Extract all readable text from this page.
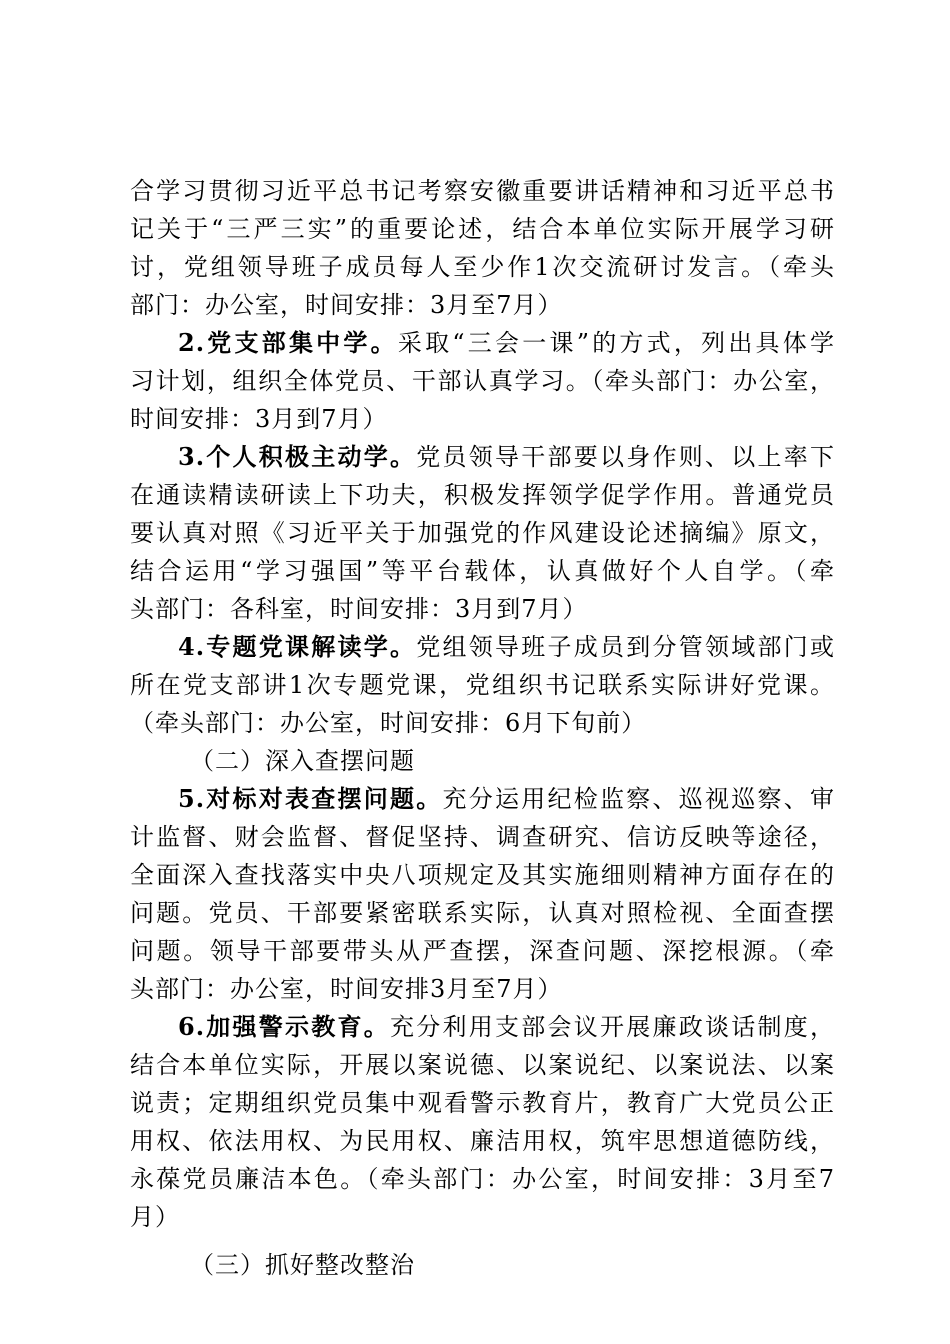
合学习贯彻习近平总书记考察安徽重要讲话精神和习近平总书
记关于“三严三实”的重要论述，结合本单位实际开展学习研
讨，党组领导班子成员每人至少作1次交流研讨发言。（牵头
部门：办公室，时间安排：3月至7月）
2.党支部集中学。采取“三会一课”的方式，列出具体学
习计划，组织全体党员、干部认真学习。（牵头部门：办公室，
时间安排：3月到7月）
3.个人积极主动学。党员领导干部要以身作则、以上率下
在通读精读研读上下功夫，积极发挥领学促学作用。普通党员
要认真对照《习近平关于加强党的作风建设论述摘编》原文，
结合运用“学习强国”等平台载体，认真做好个人自学。（牵
头部门：各科室，时间安排：3月到7月）
4.专题党课解读学。党组领导班子成员到分管领域部门或
所在党支部讲1次专题党课，党组织书记联系实际讲好党课。
（牵头部门：办公室，时间安排：6月下旬前）
（二）深入查摆问题
5.对标对表查摆问题。充分运用纪检监察、巡视巡察、审
计监督、财会监督、督促坚持、调查研究、信访反映等途径，
全面深入查找落实中央八项规定及其实施细则精神方面存在的
问题。党员、干部要紧密联系实际，认真对照检视、全面查摆
问题。领导干部要带头从严查摆，深查问题、深挖根源。（牵
头部门：办公室，时间安排3月至7月）
6.加强警示教育。充分利用支部会议开展廉政谈话制度，
结合本单位实际，开展以案说德、以案说纪、以案说法、以案
说责；定期组织党员集中观看警示教育片，教育广大党员公正
用权、依法用权、为民用权、廉洁用权，筑牢思想道德防线，
永葆党员廉洁本色。（牵头部门：办公室，时间安排：3月至7
月）
（三）抓好整改整治
